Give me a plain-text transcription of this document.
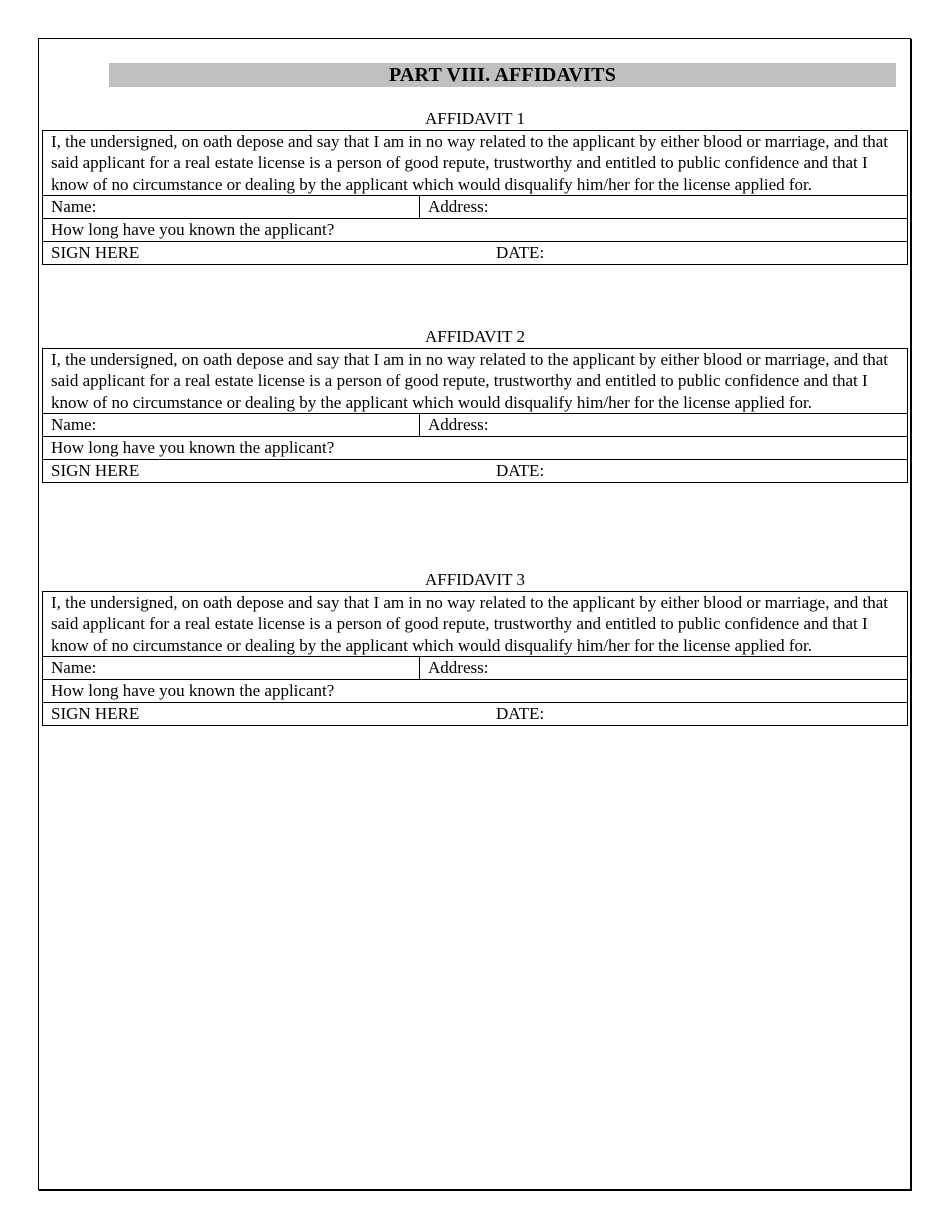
PART VIII. AFFIDAVITS
AFFIDAVIT 1
I, the undersigned, on oath depose and say that I am in no way related to the applicant by either blood or marriage, and that said applicant for a real estate license is a person of good repute, trustworthy and entitled to public confidence and that I know of no circumstance or dealing by the applicant which would disqualify him/her for the license applied for.
Name:	Address:
How long have you known the applicant?
SIGN HERE	DATE:
AFFIDAVIT 2
I, the undersigned, on oath depose and say that I am in no way related to the applicant by either blood or marriage, and that said applicant for a real estate license is a person of good repute, trustworthy and entitled to public confidence and that I know of no circumstance or dealing by the applicant which would disqualify him/her for the license applied for.
Name:	Address:
How long have you known the applicant?
SIGN HERE	DATE:
AFFIDAVIT 3
I, the undersigned, on oath depose and say that I am in no way related to the applicant by either blood or marriage, and that said applicant for a real estate license is a person of good repute, trustworthy and entitled to public confidence and that I know of no circumstance or dealing by the applicant which would disqualify him/her for the license applied for.
Name:	Address:
How long have you known the applicant?
SIGN HERE	DATE:
